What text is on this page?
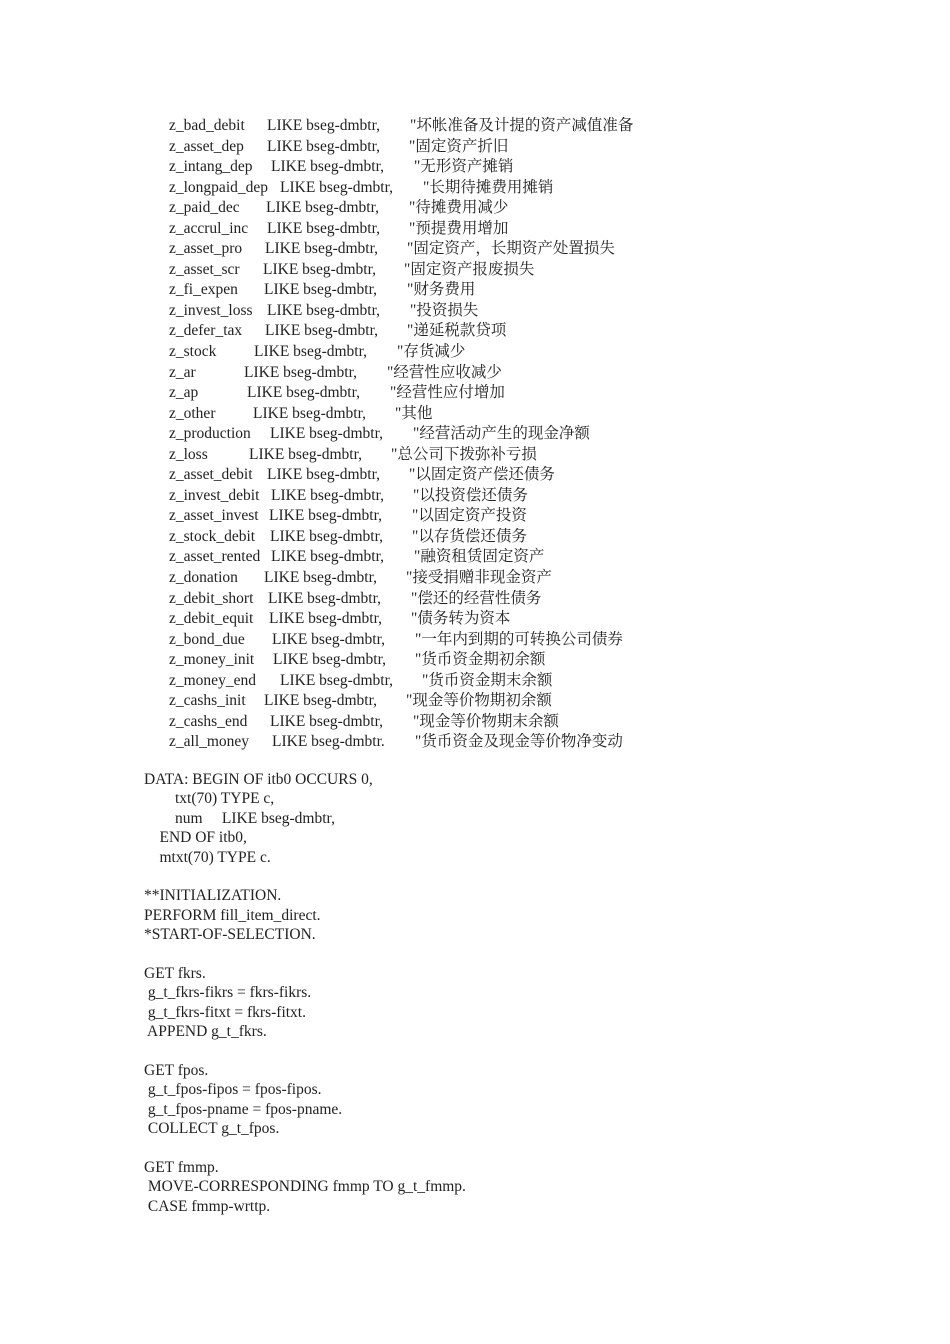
z_bad_debit LIKE bseg-dmbtr, "坏帐准备及计提的资产减值准备
z_asset_dep LIKE bseg-dmbtr, "固定资产折旧
z_intang_dep LIKE bseg-dmbtr, "无形资产摊销
z_longpaid_dep LIKE bseg-dmbtr, "长期待摊费用摊销
z_paid_dec LIKE bseg-dmbtr, "待摊费用减少
z_accrul_inc LIKE bseg-dmbtr, "预提费用增加
z_asset_pro LIKE bseg-dmbtr, "固定资产，长期资产处置损失
z_asset_scr LIKE bseg-dmbtr, "固定资产报废损失
z_fi_expen LIKE bseg-dmbtr, "财务费用
z_invest_loss LIKE bseg-dmbtr, "投资损失
z_defer_tax LIKE bseg-dmbtr, "递延税款贷项
z_stock LIKE bseg-dmbtr, "存货减少
z_ar	LIKE bseg-dmbtr, "经营性应收减少
z_ap	LIKE bseg-dmbtr, "经营性应付增加
z_other LIKE bseg-dmbtr, "其他
z_production LIKE bseg-dmbtr, "经营活动产生的现金净额
z_loss	LIKE bseg-dmbtr, "总公司下拨弥补亏损
z_asset_debit LIKE bseg-dmbtr, "以固定资产偿还债务
z_invest_debit LIKE bseg-dmbtr, "以投资偿还债务
z_asset_invest LIKE bseg-dmbtr, "以固定资产投资
z_stock_debit LIKE bseg-dmbtr, "以存货偿还债务
z_asset_rented LIKE bseg-dmbtr, "融资租赁固定资产
z_donation LIKE bseg-dmbtr, "接受捐赠非现金资产
z_debit_short LIKE bseg-dmbtr, "偿还的经营性债务
z_debit_equit LIKE bseg-dmbtr, "债务转为资本
z_bond_due LIKE bseg-dmbtr, "一年内到期的可转换公司债券
z_money_init LIKE bseg-dmbtr, "货币资金期初余额
z_money_end LIKE bseg-dmbtr, "货币资金期末余额
z_cashs_init LIKE bseg-dmbtr, "现金等价物期初余额
z_cashs_end LIKE bseg-dmbtr, "现金等价物期末余额
z_all_money LIKE bseg-dmbtr. "货币资金及现金等价物净变动
DATA: BEGIN OF itb0 OCCURS 0,
txt(70) TYPE c,
num     LIKE bseg-dmbtr,
END OF itb0,
mtxt(70) TYPE c.
**INITIALIZATION.
PERFORM fill_item_direct.
*START-OF-SELECTION.
GET fkrs.
g_t_fkrs-fikrs = fkrs-fikrs.
g_t_fkrs-fitxt = fkrs-fitxt.
APPEND g_t_fkrs.
GET fpos.
g_t_fpos-fipos = fpos-fipos.
g_t_fpos-pname = fpos-pname.
COLLECT g_t_fpos.
GET fmmp.
MOVE-CORRESPONDING fmmp TO g_t_fmmp.
CASE fmmp-wrttp.
